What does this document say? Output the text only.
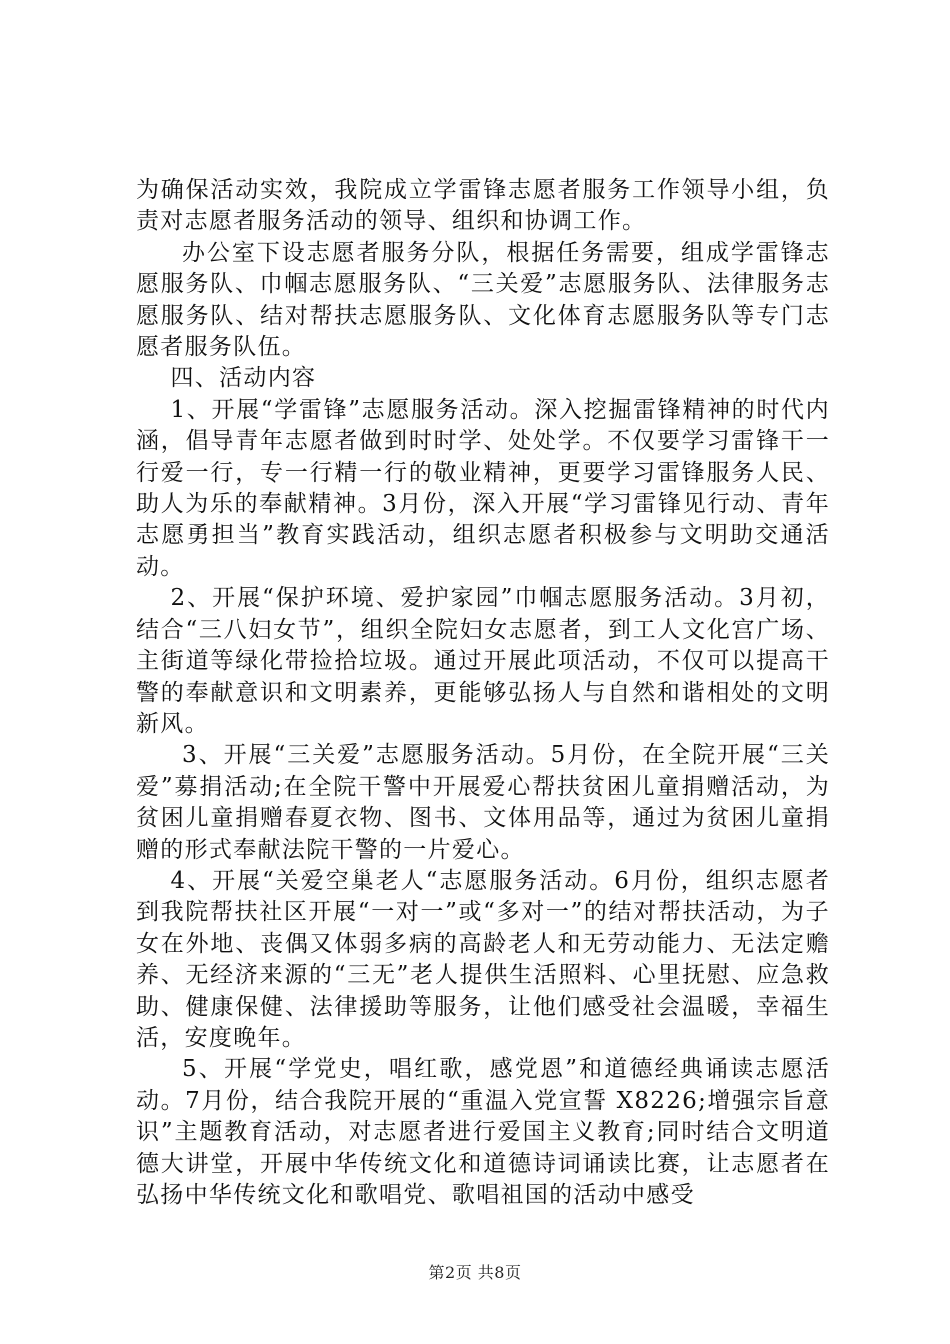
为确保活动实效，我院成立学雷锋志愿者服务工作领导小组，负责对志愿者服务活动的领导、组织和协调工作。

办公室下设志愿者服务分队，根据任务需要，组成学雷锋志愿服务队、巾帼志愿服务队、“三关爱”志愿服务队、法律服务志愿服务队、结对帮扶志愿服务队、文化体育志愿服务队等专门志愿者服务队伍。

四、活动内容

1、开展“学雷锋”志愿服务活动。深入挖掘雷锋精神的时代内涵，倡导青年志愿者做到时时学、处处学。不仅要学习雷锋干一行爱一行，专一行精一行的敬业精神，更要学习雷锋服务人民、助人为乐的奉献精神。3月份，深入开展“学习雷锋见行动、青年志愿勇担当”教育实践活动，组织志愿者积极参与文明助交通活动。

2、开展“保护环境、爱护家园”巾帼志愿服务活动。3月初，结合“三八妇女节”，组织全院妇女志愿者，到工人文化宫广场、主街道等绿化带捡拾垃圾。通过开展此项活动，不仅可以提高干警的奉献意识和文明素养，更能够弘扬人与自然和谐相处的文明新风。

3、开展“三关爱”志愿服务活动。5月份，在全院开展“三关爱”募捐活动;在全院干警中开展爱心帮扶贫困儿童捐赠活动，为贫困儿童捐赠春夏衣物、图书、文体用品等，通过为贫困儿童捐赠的形式奉献法院干警的一片爱心。

4、开展“关爱空巢老人“志愿服务活动。6月份，组织志愿者到我院帮扶社区开展“一对一”或“多对一”的结对帮扶活动，为子女在外地、丧偶又体弱多病的高龄老人和无劳动能力、无法定赡养、无经济来源的“三无”老人提供生活照料、心里抚慰、应急救助、健康保健、法律援助等服务，让他们感受社会温暖，幸福生活，安度晚年。

5、开展“学党史，唱红歌，感党恩”和道德经典诵读志愿活动。7月份，结合我院开展的“重温入党宣誓 X8226;增强宗旨意识”主题教育活动，对志愿者进行爱国主义教育;同时结合文明道德大讲堂，开展中华传统文化和道德诗词诵读比赛，让志愿者在弘扬中华传统文化和歌唱党、歌唱祖国的活动中感受

第2页 共8页
